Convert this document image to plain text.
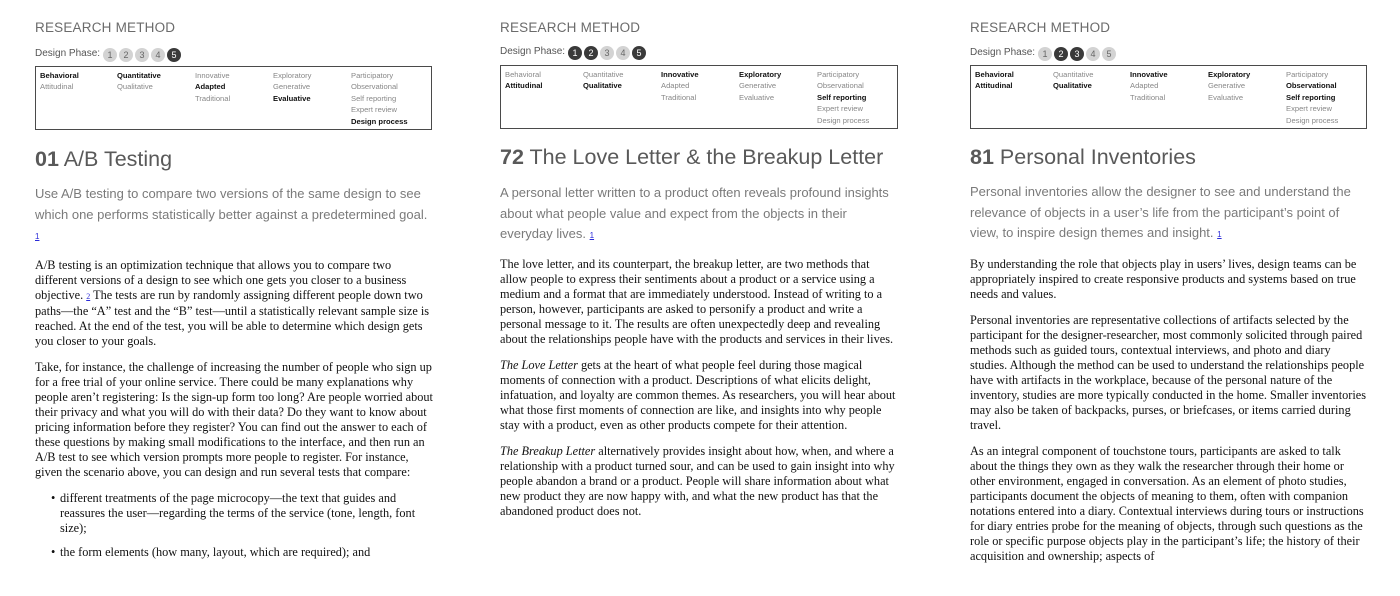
RESEARCH METHOD
Design Phase: 1 2 3 4 5
Behavioral
Attitudinal
Quantitative
Qualitative
Innovative
Adapted
Traditional
Exploratory
Generative
Evaluative
Participatory
Observational
Self reporting
Expert review
Design process
01 A/B Testing

Use A/B testing to compare two versions of the same design to see which one performs statistically better against a predetermined goal.
1

A/B testing is an optimization technique that allows you to compare two different versions of a design to see which one gets you closer to a business objective. 2 The tests are run by randomly assigning different people down two paths—the “A” test and the “B” test—until a statistically relevant sample size is reached. At the end of the test, you will be able to determine which design gets you closer to your goals.

Take, for instance, the challenge of increasing the number of people who sign up for a free trial of your online service. There could be many explanations why people aren’t registering: Is the sign-up form too long? Are people worried about their privacy and what you will do with their data? Do they want to know about pricing information before they register? You can find out the answer to each of these questions by making small modifications to the interface, and then run an A/B test to see which version prompts more people to register. For instance, given the scenario above, you can design and run several tests that compare:

• different treatments of the page microcopy—the text that guides and reassures the user—regarding the terms of the service (tone, length, font size);
• the form elements (how many, layout, which are required); and
RESEARCH METHOD
Design Phase: 1 2 3 4 5
Behavioral
Attitudinal
Quantitative
Qualitative
Innovative
Adapted
Traditional
Exploratory
Generative
Evaluative
Participatory
Observational
Self reporting
Expert review
Design process
72 The Love Letter & the Breakup Letter

A personal letter written to a product often reveals profound insights about what people value and expect from the objects in their everyday lives. 1

The love letter, and its counterpart, the breakup letter, are two methods that allow people to express their sentiments about a product or a service using a medium and a format that are immediately understood. Instead of writing to a person, however, participants are asked to personify a product and write a personal message to it. The results are often unexpectedly deep and revealing about the relationships people have with the products and services in their lives.

The Love Letter gets at the heart of what people feel during those magical moments of connection with a product. Descriptions of what elicits delight, infatuation, and loyalty are common themes. As researchers, you will hear about what those first moments of connection are like, and insights into why people stay with a product, even as other products compete for their attention.

The Breakup Letter alternatively provides insight about how, when, and where a relationship with a product turned sour, and can be used to gain insight into why people abandon a brand or a product. People will share information about what new product they are now happy with, and what the new product has that the abandoned product does not.

RESEARCH METHOD
Design Phase: 1 2 3 4 5
Behavioral
Attitudinal
Quantitative
Qualitative
Innovative
Adapted
Traditional
Exploratory
Generative
Evaluative
Participatory
Observational
Self reporting
Expert review
Design process
81 Personal Inventories

Personal inventories allow the designer to see and understand the relevance of objects in a user’s life from the participant’s point of view, to inspire design themes and insight. 1

By understanding the role that objects play in users’ lives, design teams can be appropriately inspired to create responsive products and systems based on true needs and values.

Personal inventories are representative collections of artifacts selected by the participant for the designer-researcher, most commonly solicited through paired methods such as guided tours, contextual interviews, and photo and diary studies. Although the method can be used to understand the relationships people have with artifacts in the workplace, because of the personal nature of the inventory, studies are more typically conducted in the home. Smaller inventories may also be taken of backpacks, purses, or briefcases, or items carried during travel.

As an integral component of touchstone tours, participants are asked to talk about the things they own as they walk the researcher through their home or other environment, engaged in conversation. As an element of photo studies, participants document the objects of meaning to them, often with companion notations entered into a diary. Contextual interviews during tours or instructions for diary entries probe for the meaning of objects, through such questions as the role or specific purpose objects play in the participant’s life; the history of their acquisition and ownership; aspects of
